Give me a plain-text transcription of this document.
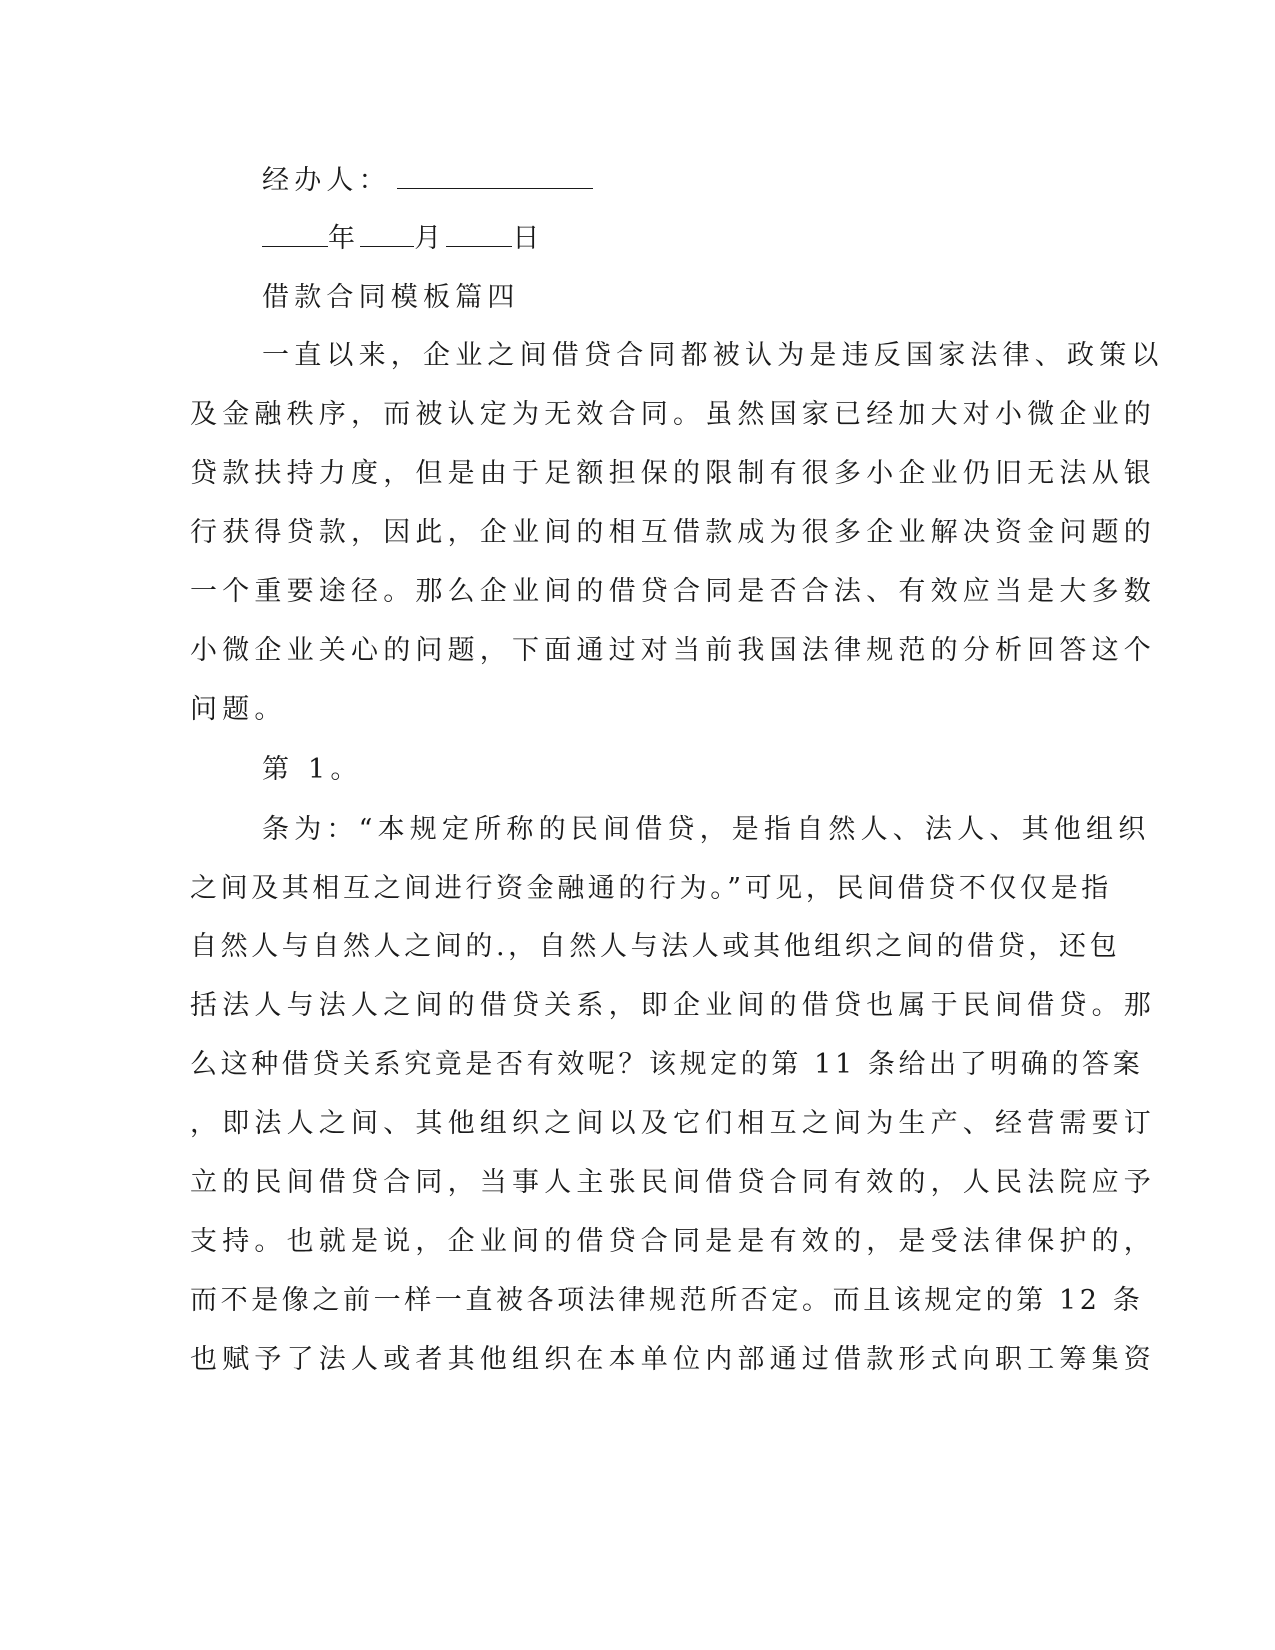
经办人：
年 月 日
借款合同模板篇四
一直以来，企业之间借贷合同都被认为是违反国家法律、政策以
及金融秩序，而被认定为无效合同。虽然国家已经加大对小微企业的
贷款扶持力度，但是由于足额担保的限制有很多小企业仍旧无法从银
行获得贷款，因此，企业间的相互借款成为很多企业解决资金问题的
一个重要途径。那么企业间的借贷合同是否合法、有效应当是大多数
小微企业关心的问题，下面通过对当前我国法律规范的分析回答这个
问题。
第 1。
条为：“本规定所称的民间借贷，是指自然人、法人、其他组织
之间及其相互之间进行资金融通的行为。”可见，民间借贷不仅仅是指
自然人与自然人之间的.，自然人与法人或其他组织之间的借贷，还包
括法人与法人之间的借贷关系，即企业间的借贷也属于民间借贷。那
么这种借贷关系究竟是否有效呢？该规定的第 11 条给出了明确的答案
，即法人之间、其他组织之间以及它们相互之间为生产、经营需要订
立的民间借贷合同，当事人主张民间借贷合同有效的，人民法院应予
支持。也就是说，企业间的借贷合同是是有效的，是受法律保护的，
而不是像之前一样一直被各项法律规范所否定。而且该规定的第 12 条
也赋予了法人或者其他组织在本单位内部通过借款形式向职工筹集资
